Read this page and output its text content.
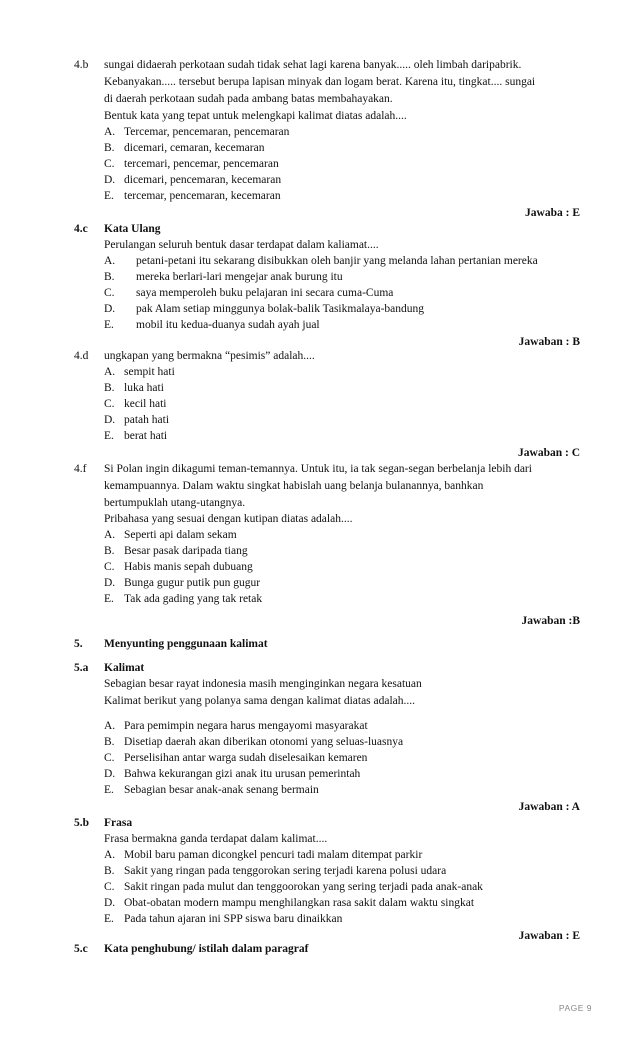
4.b sungai didaerah perkotaan sudah tidak sehat lagi karena banyak..... oleh limbah daripabrik.
Kebanyakan..... tersebut berupa lapisan minyak dan logam berat. Karena itu, tingkat.... sungai
di daerah perkotaan sudah pada ambang batas membahayakan.
Bentuk kata yang tepat untuk melengkapi kalimat diatas adalah....
A. Tercemar, pencemaran, pencemaran
B. dicemari, cemaran, kecemaran
C. tercemari, pencemar, pencemaran
D. dicemari, pencemaran, kecemaran
E. tercemar, pencemaran, kecemaran
Jawaba : E
4.c Kata Ulang
Perulangan seluruh bentuk dasar terdapat dalam kaliamat....
A. petani-petani itu sekarang disibukkan oleh banjir yang melanda lahan pertanian mereka
B. mereka berlari-lari mengejar anak burung itu
C. saya memperoleh buku pelajaran ini secara cuma-Cuma
D. pak Alam setiap minggunya bolak-balik Tasikmalaya-bandung
E. mobil itu kedua-duanya sudah ayah jual
Jawaban : B
4.d ungkapan yang bermakna “pesimis” adalah....
A. sempit hati
B. luka hati
C. kecil hati
D. patah hati
E. berat hati
Jawaban : C
4.f Si Polan ingin dikagumi teman-temannya. Untuk itu, ia tak segan-segan berbelanja lebih dari
kemampuannya. Dalam waktu singkat habislah uang belanja bulanannya, banhkan
bertumpuklah utang-utangnya.
Pribahasa yang sesuai dengan kutipan diatas adalah....
A. Seperti api dalam sekam
B. Besar pasak daripada tiang
C. Habis manis sepah dubuang
D. Bunga gugur putik pun gugur
E. Tak ada gading yang tak retak
Jawaban :B
5. Menyunting penggunaan kalimat
5.a Kalimat
Sebagian besar rayat indonesia masih menginginkan negara kesatuan
Kalimat berikut yang polanya sama dengan kalimat diatas adalah....
A. Para pemimpin negara harus mengayomi masyarakat
B. Disetiap daerah akan diberikan otonomi yang seluas-luasnya
C. Perselisihan antar warga sudah diselesaikan kemaren
D. Bahwa kekurangan gizi anak itu urusan pemerintah
E. Sebagian besar anak-anak senang bermain
Jawaban : A
5.b Frasa
Frasa bermakna ganda terdapat dalam kalimat....
A. Mobil baru paman dicongkel pencuri tadi malam ditempat parkir
B. Sakit yang ringan pada tenggorokan sering terjadi karena polusi udara
C. Sakit ringan pada mulut dan tenggoorokan yang sering terjadi pada anak-anak
D. Obat-obatan modern mampu menghilangkan rasa sakit dalam waktu singkat
E. Pada tahun ajaran ini SPP siswa baru dinaikkan
Jawaban : E
5.c Kata penghubung/ istilah dalam paragraf
PAGE 9
